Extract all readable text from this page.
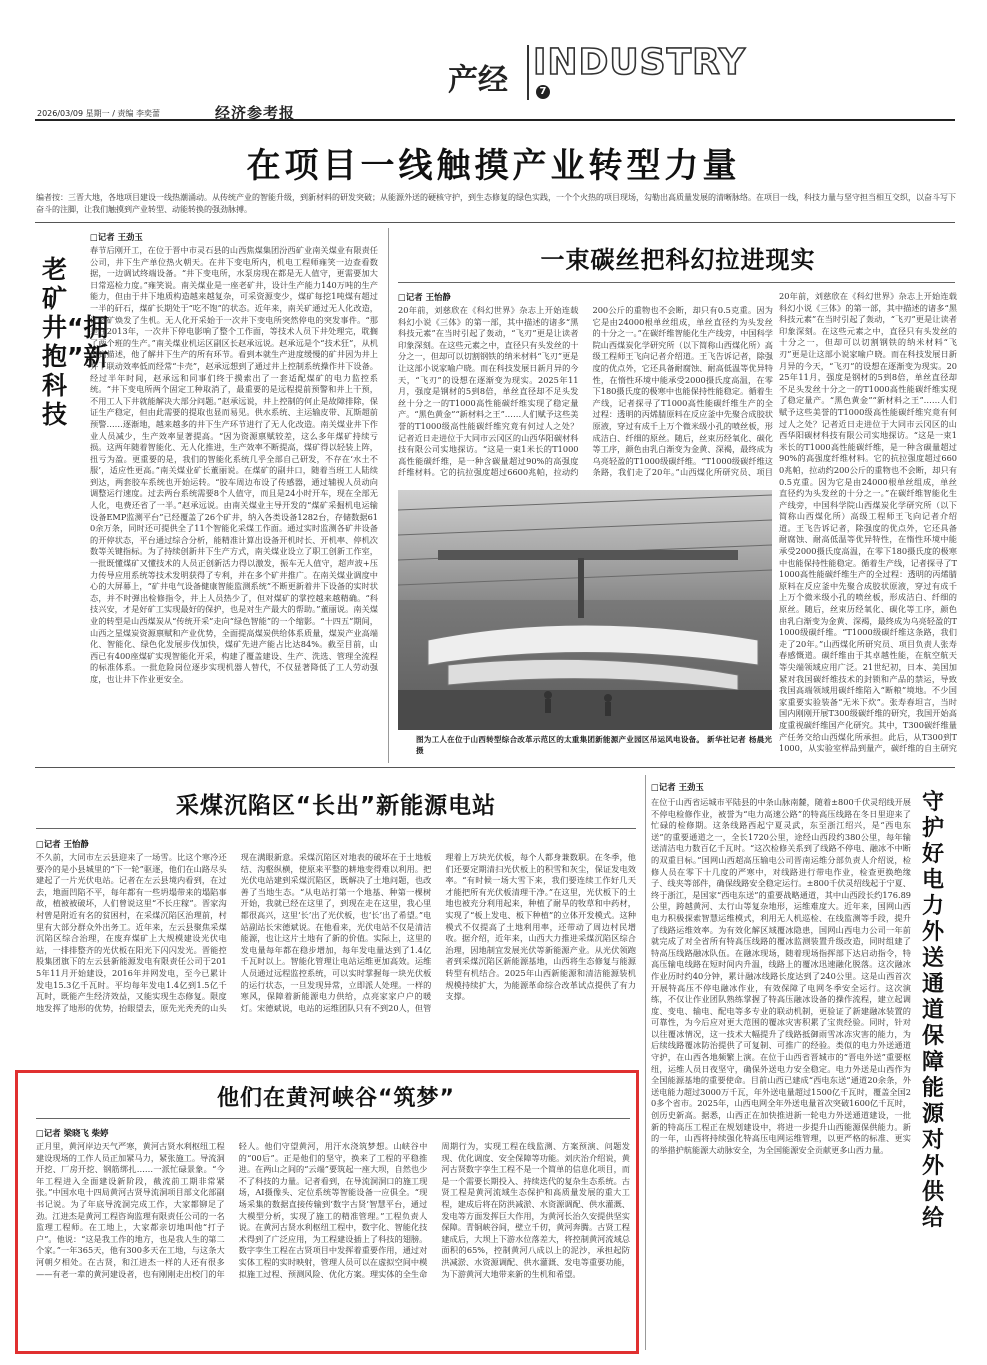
产经 INDUSTRY
7
2026/03/09 星期一 / 责编 李奕蕾	经济参考报
在项目一线触摸产业转型力量
编者按：三晋大地，各地项目建设一线热潮涌动。从传统产业的智能升级，到新材料的研发突破；从能源外送的硬核守护，到生态修复的绿色实践，一个个火热的项目现场，勾勒出高质量发展的清晰脉络。在项目一线，科技力量与坚守担当相互交织，以奋斗写下奋斗的注脚，让我们触摸到产业转型、动能转换的强劲脉搏。
老矿井“拥抱”新科技
□记者 王劲玉
春节后刚开工，在位于晋中市灵石县的山西焦煤集团汾西矿业南关煤业有限责任公司，井下生产单位热火朝天。在井下变电所内，机电工程师雍笑一边查看数据，一边调试终端设备。“井下变电所，水泵房现在都是无人值守，更需要加大日常巡检力度。”雍笑说。南关煤业是一座老矿井，设计生产能力140万吨的生产能力，但由于井下地质构造越来越复杂，可采资源变少，煤矿每挖1吨煤有超过一半的矸石，煤矿长期处于“吃不饱”的状态。近年来，南关矿通过无人化改造，让老矿焕发了生机。无人化开采始于一次井下变电所突然停电的突发事件。“那是在2013年，一次井下停电影响了整个工作面，等技术人员下井处理完，耽搁了两个班的生产。”南关煤业机运区副区长赵承远说。赵承远是个“技术狂”，从机电到描述，他了解井下生产的所有环节。看到本就生产进度缓慢的矿井因为井上井下联动效率低而经常“卡壳”，赵承远想到了通过井上控制系统操作井下设备。经过半年时间，赵承远和同事们终于摸索出了一套适配煤矿的电力监控系统。“井下变电所两个固定工种取消了，最重要的是远程提前预警和井上干预，不用工人下井就能解决大部分问题。”赵承远说，井上控制的何止是故障排除，保证生产稳定，但由此需要的提取也显而易见。供水系统、主运输皮带、瓦斯超前预警……逐渐地，越来越多的井下生产环节进行了无人化改造。南关煤业井下作业人员减少，生产效率显著提高。“因为资源禀赋较差，这么多年煤矿持续亏损。这两年随着智能化、无人化推进，生产效率不断提高，煤矿得以轻装上阵，扭亏为盈。更重要的是，我们的智能化系统几乎全部自己研发，不存在‘水土不服’，适应性更高。”南关煤业矿长董丽说。在煤矿的副井口，随着当班工人陆续到达，两套胶车系统也开始运转。“胶车周边布设了传感器，通过辅视人员动向调整运行速度。过去两台系统需要8个人值守，而且是24小时开车，现在全部无人化，电费还省了一半。”赵承远说。由南关煤业主导开发的“煤矿采掘机电运输设备EMP监测平台”已经覆盖了26个矿井，纳入各类设备1282台，存储数据610余万条，同时还可提供全了11个智能化采煤工作面。通过实时监测各矿井设备的开停状态，平台通过综合分析，能精准计算出设备开机时长、开机率、停机次数等关键指标。为了持续创新井下生产方式，南关煤业设立了职工创新工作室，一批既懂煤矿又懂技术的人员正创新活力得以激发，振车无人值守，超声波+压力传导应用系统等技术发明获得了专利，并在多个矿井推广。在南关煤业调度中心的大屏幕上，“矿井电气设备健康智能监测系统”不断更新着井下设备的实时状态，并不时弹出检修指令，井上人员热少了，但对煤矿的掌控越来越精确。“科技兴安，才是好矿工实现最好的保护，也是对生产最大的帮助。”董丽说。南关煤业的转型是山西煤炭从“传统开采”走向“绿色智能”的一个缩影。“十四五”期间，山西之星煤炭资源禀赋和产业优势，全面提高煤炭供给体系质量，煤炭产业高端化、智能化、绿色化发展步伐加快，煤矿先进产能占比达84%。截至目前，山西已有400座煤矿实现智能化开采，构建了覆盖建设、生产、洗选、管理全流程的标准体系。一批危险岗位逐步实现机器人替代，不仅显著降低了工人劳动强度，也让井下作业更安全。
一束碳丝把科幻拉进现实
□记者 王怡静
20年前，刘慈欣在《科幻世界》杂志上开始连载科幻小说《三体》的第一部，其中描述的诸多“黑科技元素”在当时引起了轰动，“飞刃”更是让读者印象深刻。在这些元素之中，直径只有头发丝的十分之一，但却可以切割钢铁的纳米材料“飞刃”更是让这部小说家喻户晓。而在科技发展日新月异的今天，“飞刃”的设想在逐渐变为现实。2025年11月，强度是钢材的5到8倍，单丝直径却不足头发丝十分之一的T1000高性能碳纤维实现了稳定量产。“黑色黄金”“新材料之王”……人们赋予这些美誉的T1000级高性能碳纤维究竟有何过人之处？记者近日走进位于大同市云冈区的山西华阳碳材科技有限公司实地探访。“这是一束1米长的T1000高性能碳纤维，是一种含碳量超过90%的高强度纤维材料。它的抗拉强度超过6600兆帕，拉动约200公斤的重物也不会断，却只有0.5克重。因为它是由24000根单丝组成，单丝直径约为头发丝的十分之一。”在碳纤维智能化生产线旁，中国科学院山西煤炭化学研究所（以下简称山西煤化所）高级工程师王飞向记者介绍道。王飞告诉记者，除强度的优点外，它还具备耐腐蚀、耐高低温等优异特性，在惰性环境中能承受2000摄氏度高温，在零下180摄氏度的极寒中也能保持性能稳定。循着生产线，记者探寻了T1000高性能碳纤维生产的全过程：透明的丙烯腈原料在反应釜中先聚合成胶状原液，穿过有成千上万个微米级小孔的喷丝板，形成洁白、纤细的原丝。随后，丝束历经氧化、碳化等工序，颜色由乳白渐变为金黄、深褐，最终成为乌亮轻盈的T1000级碳纤维。“T1000级碳纤维这条路，我们走了20年。”山西煤化所研究员、项目
20年前，刘慈欣在《科幻世界》杂志上开始连载科幻小说《三体》的第一部，其中描述的诸多“黑科技元素”在当时引起了轰动，“飞刃”更是让读者印象深刻。在这些元素之中，直径只有头发丝的十分之一，但却可以切割钢铁的纳米材料“飞刃”更是让这部小说家喻户晓。而在科技发展日新月异的今天，“飞刃”的设想在逐渐变为现实。2025年11月，强度是钢材的5到8倍，单丝直径却不足头发丝十分之一的T1000高性能碳纤维实现了稳定量产。“黑色黄金”“新材料之王”……人们赋予这些美誉的T1000级高性能碳纤维究竟有何过人之处？记者近日走进位于大同市云冈区的山西华阳碳材科技有限公司实地探访。“这是一束1米长的T1000高性能碳纤维，是一种含碳量超过90%的高强度纤维材料。它的抗拉强度超过6600兆帕，拉动约200公斤的重物也不会断，却只有0.5克重。因为它是由24000根单丝组成，单丝直径约为头发丝的十分之一。”在碳纤维智能化生产线旁，中国科学院山西煤炭化学研究所（以下简称山西煤化所）高级工程师王飞向记者介绍道。王飞告诉记者，除强度的优点外，它还具备耐腐蚀、耐高低温等优异特性，在惰性环境中能承受2000摄氏度高温，在零下180摄氏度的极寒中也能保持性能稳定。循着生产线，记者探寻了T1000高性能碳纤维生产的全过程：透明的丙烯腈原料在反应釜中先聚合成胶状原液，穿过有成千上万个微米级小孔的喷丝板，形成洁白、纤细的原丝。随后，丝束历经氧化、碳化等工序，颜色由乳白渐变为金黄、深褐，最终成为乌亮轻盈的T1000级碳纤维。“T1000级碳纤维这条路，我们走了20年。”山西煤化所研究员、项目负责人张寿春感慨道。碳纤维由于其卓越性能，在航空航天等尖端领域应用广泛。21世纪初，日本、美国加紧对我国碳纤维技术的封锁和产品的禁运，导致我国高端领域用碳纤维陷入“断粮”境地。不少国家重要实验装备“无米下炊”。张寿春坦言，当时国内刚刚开展T300级碳纤维的研究，我国开始高度重视碳纤维国产化研究。其中，T300碳纤维量产任务交给山西煤化所承担。此后，从T300到T1000，从实验室样品到量产，碳纤维的自主研究
图为工人在位于山西转型综合改革示范区的太重集团新能源产业园区吊运风电设备。 新华社记者 杨晨光 摄
采煤沉陷区“长出”新能源电站
□记者 王怡静
不久前，大同市左云县迎来了一场雪。比这个寒冷还要冷的是小县城里的“下一轮”驱逐，他们在山路尽头建起了一片光伏电站。记者在左云县境内看到，在过去，地面凹陷不平，每年都有一些坍塌带来的塌陷事故，植被被破坏，人们曾说这里“不长庄稼”。晋家沟村曾是附近有名的贫困村，在采煤沉陷区治理前，村里有大部分群众外出务工。近年来，左云县聚焦采煤沉陷区综合治理，在废弃煤矿上大规模建设光伏电站，一排排整齐的光伏板在阳光下闪闪发光。晋能控股集团旗下的左云县新能源发电有限责任公司于2015年11月开始建设，2016年并网发电，至今已累计发电15.3亿千瓦时。平均每年发电1.4亿到1.5亿千瓦时，既能产生经济效益，又能实现生态修复。限度地发挥了地形的优势，抬眼望去，原先光秃秃的山头现在满眼新意。采煤沉陷区对地表的破坏在于土地板结、沟壑纵横，使原来平整的耕地变得难以利用。把光伏电站建到采煤沉陷区，既解决了土地问题，也改善了当地生态。“从电站打第一个地基、种第一棵树开始，我就已经在这里了，到现在走在这里，我心里都很高兴，这里‘长’出了光伏板，也‘长’出了希望。”电站副站长宋德斌说。在他看来，光伏电站不仅是清洁能源，也让这片土地有了新的价值。实际上，这里的发电量每年都在稳步增加，每年发电量达到了1.4亿千瓦时以上。智能化管理让电站运维更加高效。运维人员通过远程监控系统，可以实时掌握每一块光伏板的运行状态，一旦发现异常，立即派人处理。一样的寒风，保障着新能源电力供给，点亮家家户户的暖灯。宋德斌说，电站的运维团队只有不到20人，但管理着上万块光伏板，每个人都身兼数职。在冬季，他们还要定期清扫光伏板上的积雪和灰尘，保证发电效率。“有时候一场大雪下来，我们要连续工作好几天才能把所有光伏板清理干净。”在这里，光伏板下的土地也被充分利用起来，种植了耐旱的牧草和中药材，实现了“板上发电、板下种植”的立体开发模式。这种模式不仅提高了土地利用率，还带动了周边村民增收。据介绍，近年来，山西大力推进采煤沉陷区综合治理，因地制宜发展光伏等新能源产业。从光伏领跑者到采煤沉陷区新能源基地，山西将生态修复与能源转型有机结合。2025年山西新能源和清洁能源装机规模持续扩大，为能源革命综合改革试点提供了有力支撑。
□记者 王劲玉
在位于山西省运城市平陆县的中条山脉南麓，随着±800千伏灵绍线开展不停电检修作业，被誉为“电力高速公路”的特高压线路在冬日里迎来了忙碌的检修期。这条线路西起宁夏灵武，东至浙江绍兴，是“西电东送”的重要通道之一，全长1720公里，途经山西段约380公里，每年输送清洁电力数百亿千瓦时。“这次检修关系到了线路不停电、融冰不中断的双重目标。”国网山西超高压输电公司晋南运维分部负责人介绍说，检修人员在零下十几度的严寒中，对线路进行带电作业，检查更换绝缘子、线夹等部件，确保线路安全稳定运行。±800千伏灵绍线起于宁夏、终于浙江，是国家“西电东送”的重要战略通道，其中山西段长约176.89公里，跨越黄河、太行山等复杂地形，运维难度大。近年来，国网山西电力积极探索智慧运维模式，利用无人机巡检、在线监测等手段，提升了线路运维效率。为有效化解区域覆冰隐患，国网山西电力公司一年前就完成了对全省所有特高压线路的覆冰监测装置升级改造，同时组建了特高压线路融冰队伍。在融冰现场，随着现场指挥部下达启动指令，特高压输电线路在短时间内升温，线路上的覆冰迅速融化脱落。这次融冰作业历时约40分钟，累计融冰线路长度达到了240公里。这是山西首次开展特高压不停电融冰作业，有效保障了电网冬季安全运行。这次演练，不仅让作业团队熟练掌握了特高压融冰设备的操作流程，建立起调度、变电、输电、配电等多专业的联动机制，更验证了新建融冰装置的可靠性，为今后应对更大范围的覆冰灾害积累了宝贵经验。同时，针对以往覆冰情况，这一技术大幅提升了线路抵御雨雪冰冻灾害的能力，为后续线路覆冰防治提供了可复制、可推广的经验。类似的电力外送通道守护，在山西各地频繁上演。在位于山西省晋城市的“晋电外送”重要枢纽，运维人员日夜坚守，确保外送电力安全稳定。电力外送是山西作为全国能源基地的重要使命。目前山西已建成“西电东送”通道20余条，外送电能力超过3000万千瓦，年外送电量超过1500亿千瓦时，覆盖全国20多个省市。2025年，山西电网全年外送电量首次突破1600亿千瓦时，创历史新高。据悉，山西正在加快推进新一轮电力外送通道建设，一批新的特高压工程正在规划建设中，将进一步提升山西能源保供能力。新的一年，山西将持续强化特高压电网运维管理，以更严格的标准、更实的举措护航能源大动脉安全，为全国能源安全贡献更多山西力量。
守护好电力外送通道 保障能源对外供给
他们在黄河峡谷“筑梦”
□记者 梁晓飞 柴婷
正月里，黄河岸边天气严寒，黄河古贤水利枢纽工程建设现场的工作人员正加紧马力，紧张施工。导流洞开挖、厂房开挖、钢筋绑扎……一派忙碌景象。“今年工程进入全面建设新阶段，截流前工期非常紧张。”中国水电十四局黄河古贤导流洞项目部文化部副书记说。为了年底导流洞完成工作，大家都铆足了劲。江进杰是黄河工程咨询监理有限责任公司的一名监理工程师。在工地上，大家都亲切地叫他“打子户”。他说：“这是我工作的地方，也是我人生的第二个家。”一年365天，他有300多天在工地，与这条大河朝夕相处。在古贤，和江进杰一样的人还有很多——有老一辈的黄河建设者，也有刚刚走出校门的年轻人。他们守望黄河，用汗水浇筑梦想。山峡谷中的“00后”。正是他们的坚守，换来了工程的平稳推进。在两山之间的“云端”要筑起一座大坝，自然也少不了科技的力量。记者看到，在导流洞洞口的施工现场，AI摄像头、定位系统等智能设备一应俱全。“现场采集的数据直接传输到‘数字古贤’智慧平台，通过大模型分析，实现了施工的精准管理。”工程负责人说。在黄河古贤水利枢纽工程中，数字化、智能化技术得到了广泛应用，为工程建设插上了科技的翅膀。数字孪生工程在古贤项目中发挥着重要作用，通过对实体工程的实时映射，管理人员可以在虚拟空间中模拟施工过程、预测风险、优化方案。理实体的全生命周期行为，实现工程在线监测、方案预演、问题发现、优化调度、安全保障等功能。刘庆治介绍说，黄河古贤数字孪生工程不是一个简单的信息化项目，而是一个需要长期投入、持续迭代的复杂生态系统。古贤工程是黄河流域生态保护和高质量发展的重大工程，建成后将在防洪减淤、水资源调配、供水灌溉、发电等方面发挥巨大作用，为黄河长治久安提供坚实保障。青铜峡谷间，壁立千仞，黄河奔腾。古贤工程建成后，大坝上下游水位落差大，将控制黄河流域总面积的65%，控制黄河八成以上的泥沙，承担起防洪减淤、水资源调配、供水灌溉、发电等重要功能，为下游黄河大地带来新的生机和希望。
